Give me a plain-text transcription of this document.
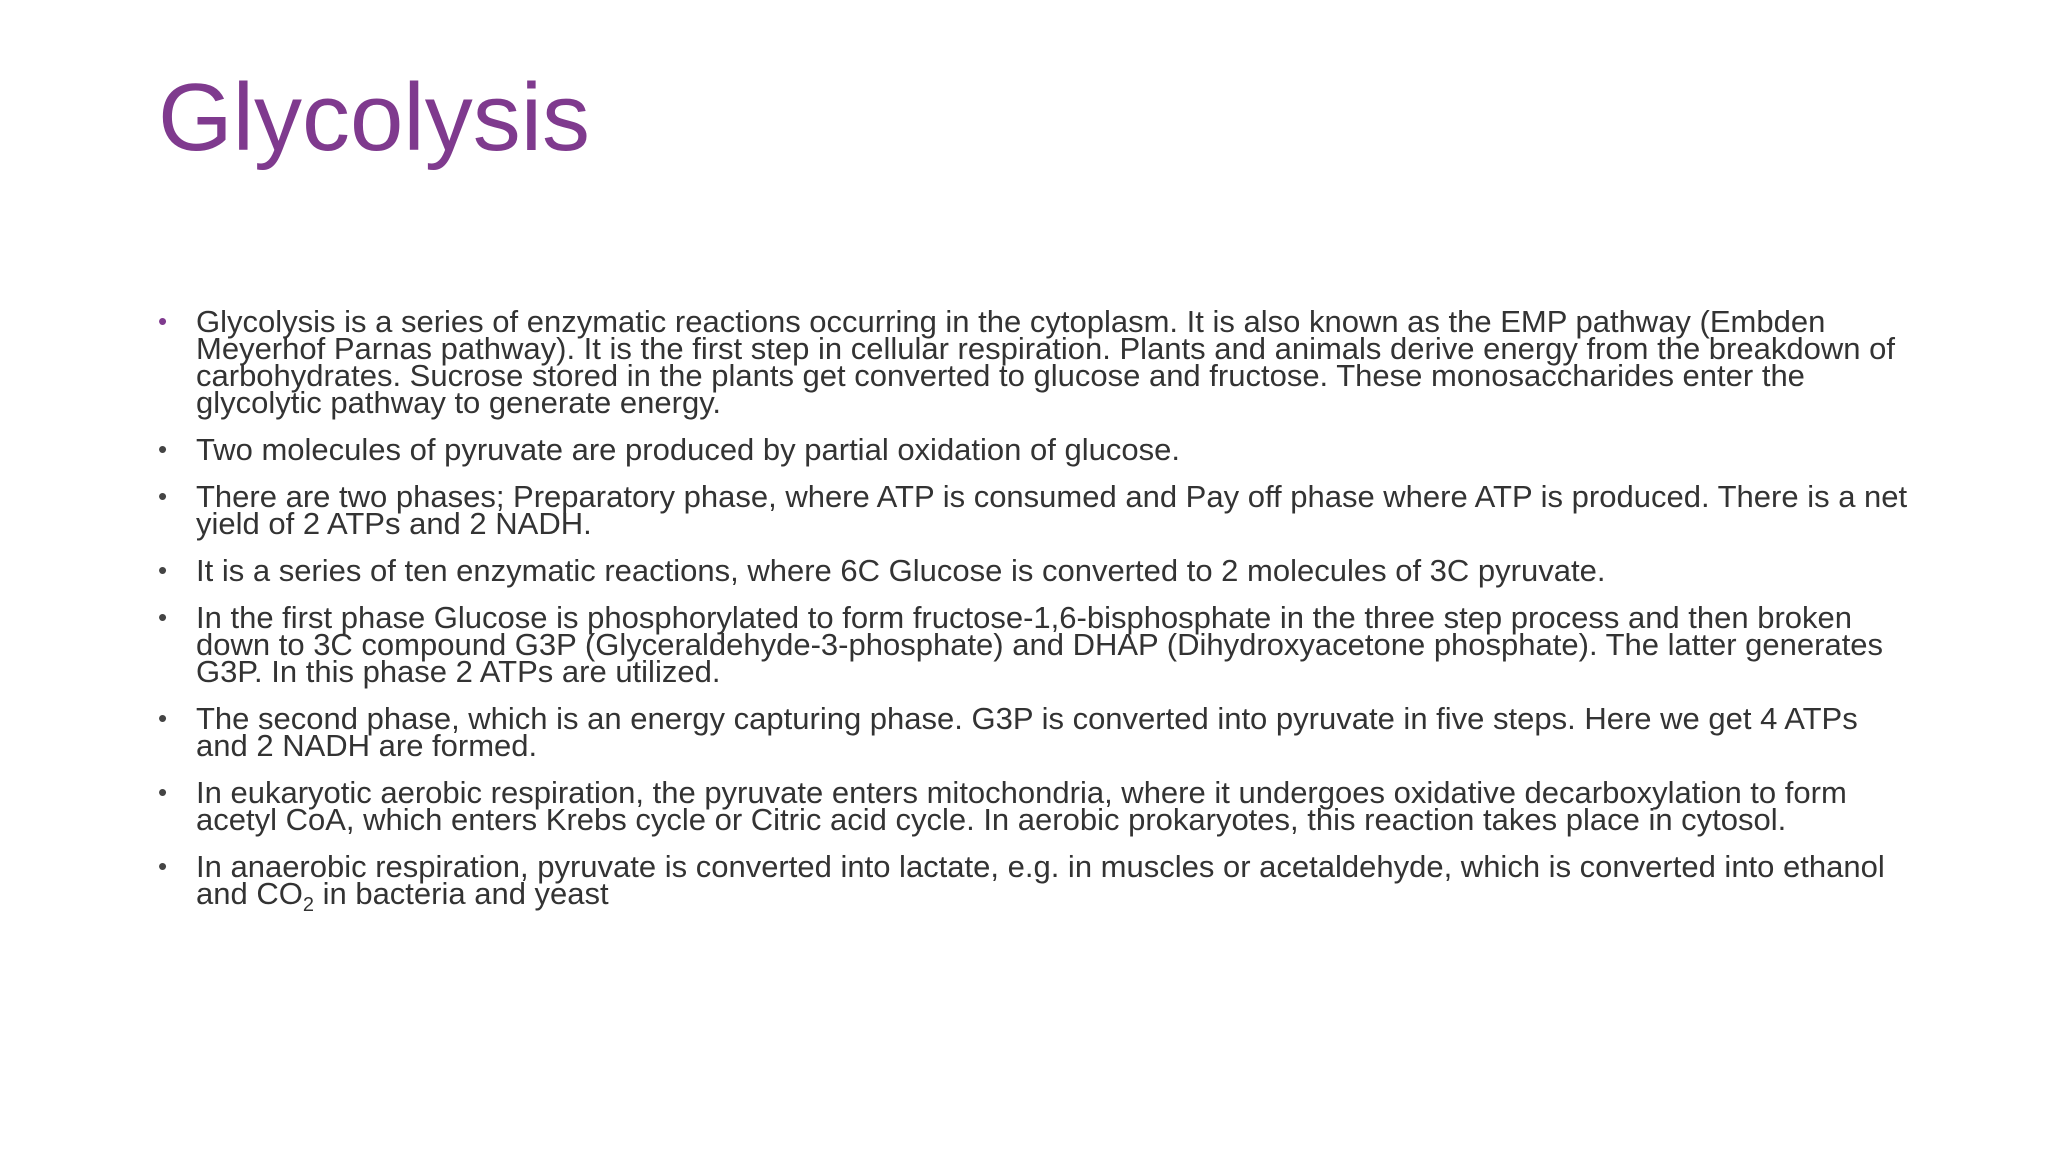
Glycolysis
• Glycolysis is a series of enzymatic reactions occurring in the cytoplasm. It is also known as the EMP pathway (Embden Meyerhof Parnas pathway). It is the first step in cellular respiration. Plants and animals derive energy from the breakdown of carbohydrates. Sucrose stored in the plants get converted to glucose and fructose. These monosaccharides enter the glycolytic pathway to generate energy.
• Two molecules of pyruvate are produced by partial oxidation of glucose.
• There are two phases; Preparatory phase, where ATP is consumed and Pay off phase where ATP is produced. There is a net yield of 2 ATPs and 2 NADH.
• It is a series of ten enzymatic reactions, where 6C Glucose is converted to 2 molecules of 3C pyruvate.
• In the first phase Glucose is phosphorylated to form fructose-1,6-bisphosphate in the three step process and then broken down to 3C compound G3P (Glyceraldehyde-3-phosphate) and DHAP (Dihydroxyacetone phosphate). The latter generates G3P. In this phase 2 ATPs are utilized.
• The second phase, which is an energy capturing phase. G3P is converted into pyruvate in five steps. Here we get 4 ATPs and 2 NADH are formed.
• In eukaryotic aerobic respiration, the pyruvate enters mitochondria, where it undergoes oxidative decarboxylation to form acetyl CoA, which enters Krebs cycle or Citric acid cycle. In aerobic prokaryotes, this reaction takes place in cytosol.
• In anaerobic respiration, pyruvate is converted into lactate, e.g. in muscles or acetaldehyde, which is converted into ethanol and $CO_2$ in bacteria and yeast
